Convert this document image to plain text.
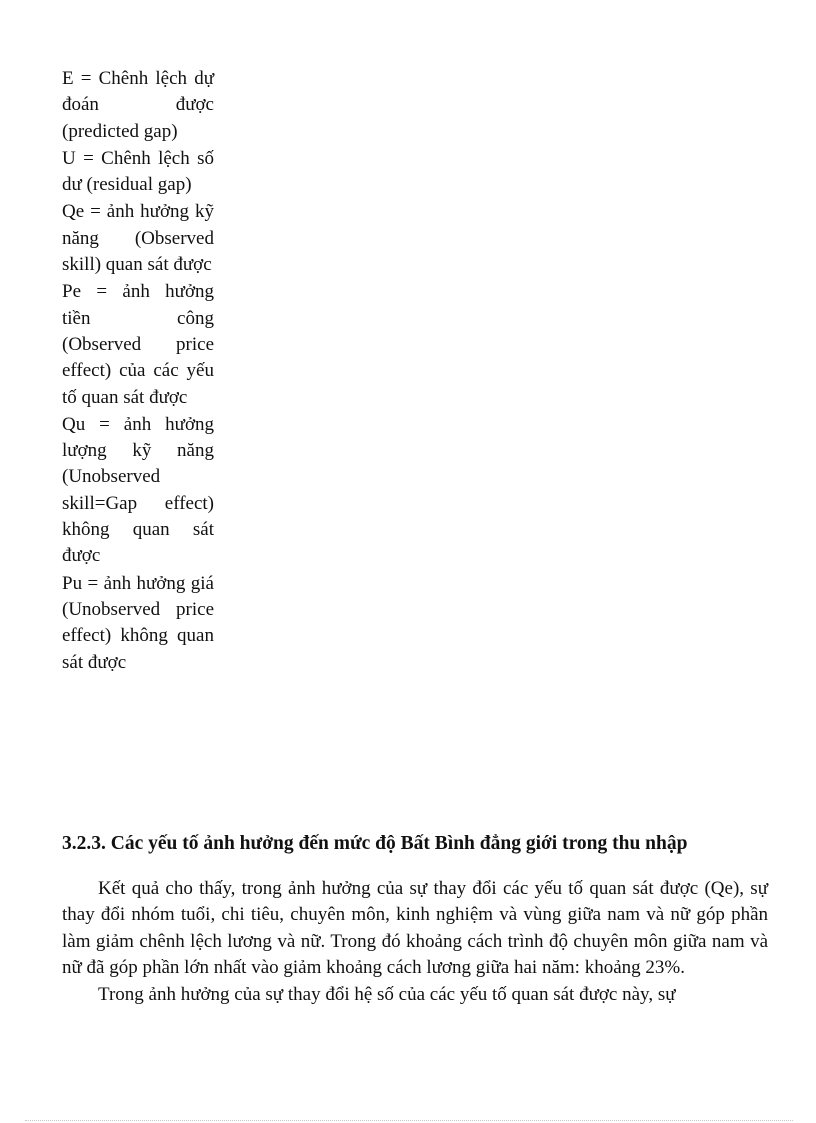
E = Chênh lệch dự đoán được (predicted gap)

U = Chênh lệch số dư (residual gap)

Qe = ảnh hưởng kỹ năng (Observed skill) quan sát được

Pe = ảnh hưởng tiền công (Observed price effect) của các yếu tố quan sát được

Qu = ảnh hưởng lượng kỹ năng (Unobserved skill=Gap effect) không quan sát được

Pu = ảnh hưởng giá (Unobserved price effect) không quan sát được

3.2.3. Các yếu tố ảnh hưởng đến mức độ Bất Bình đẳng giới trong thu nhập

Kết quả cho thấy, trong ảnh hưởng của sự thay đổi các yếu tố quan sát được (Qe), sự thay đổi nhóm tuổi, chi tiêu, chuyên môn, kinh nghiệm và vùng giữa nam và nữ góp phần làm giảm chênh lệch lương và nữ. Trong đó khoảng cách trình độ chuyên môn giữa nam và nữ đã góp phần lớn nhất vào giảm khoảng cách lương giữa hai năm: khoảng 23%.

Trong ảnh hưởng của sự thay đổi hệ số của các yếu tố quan sát được này, sự
